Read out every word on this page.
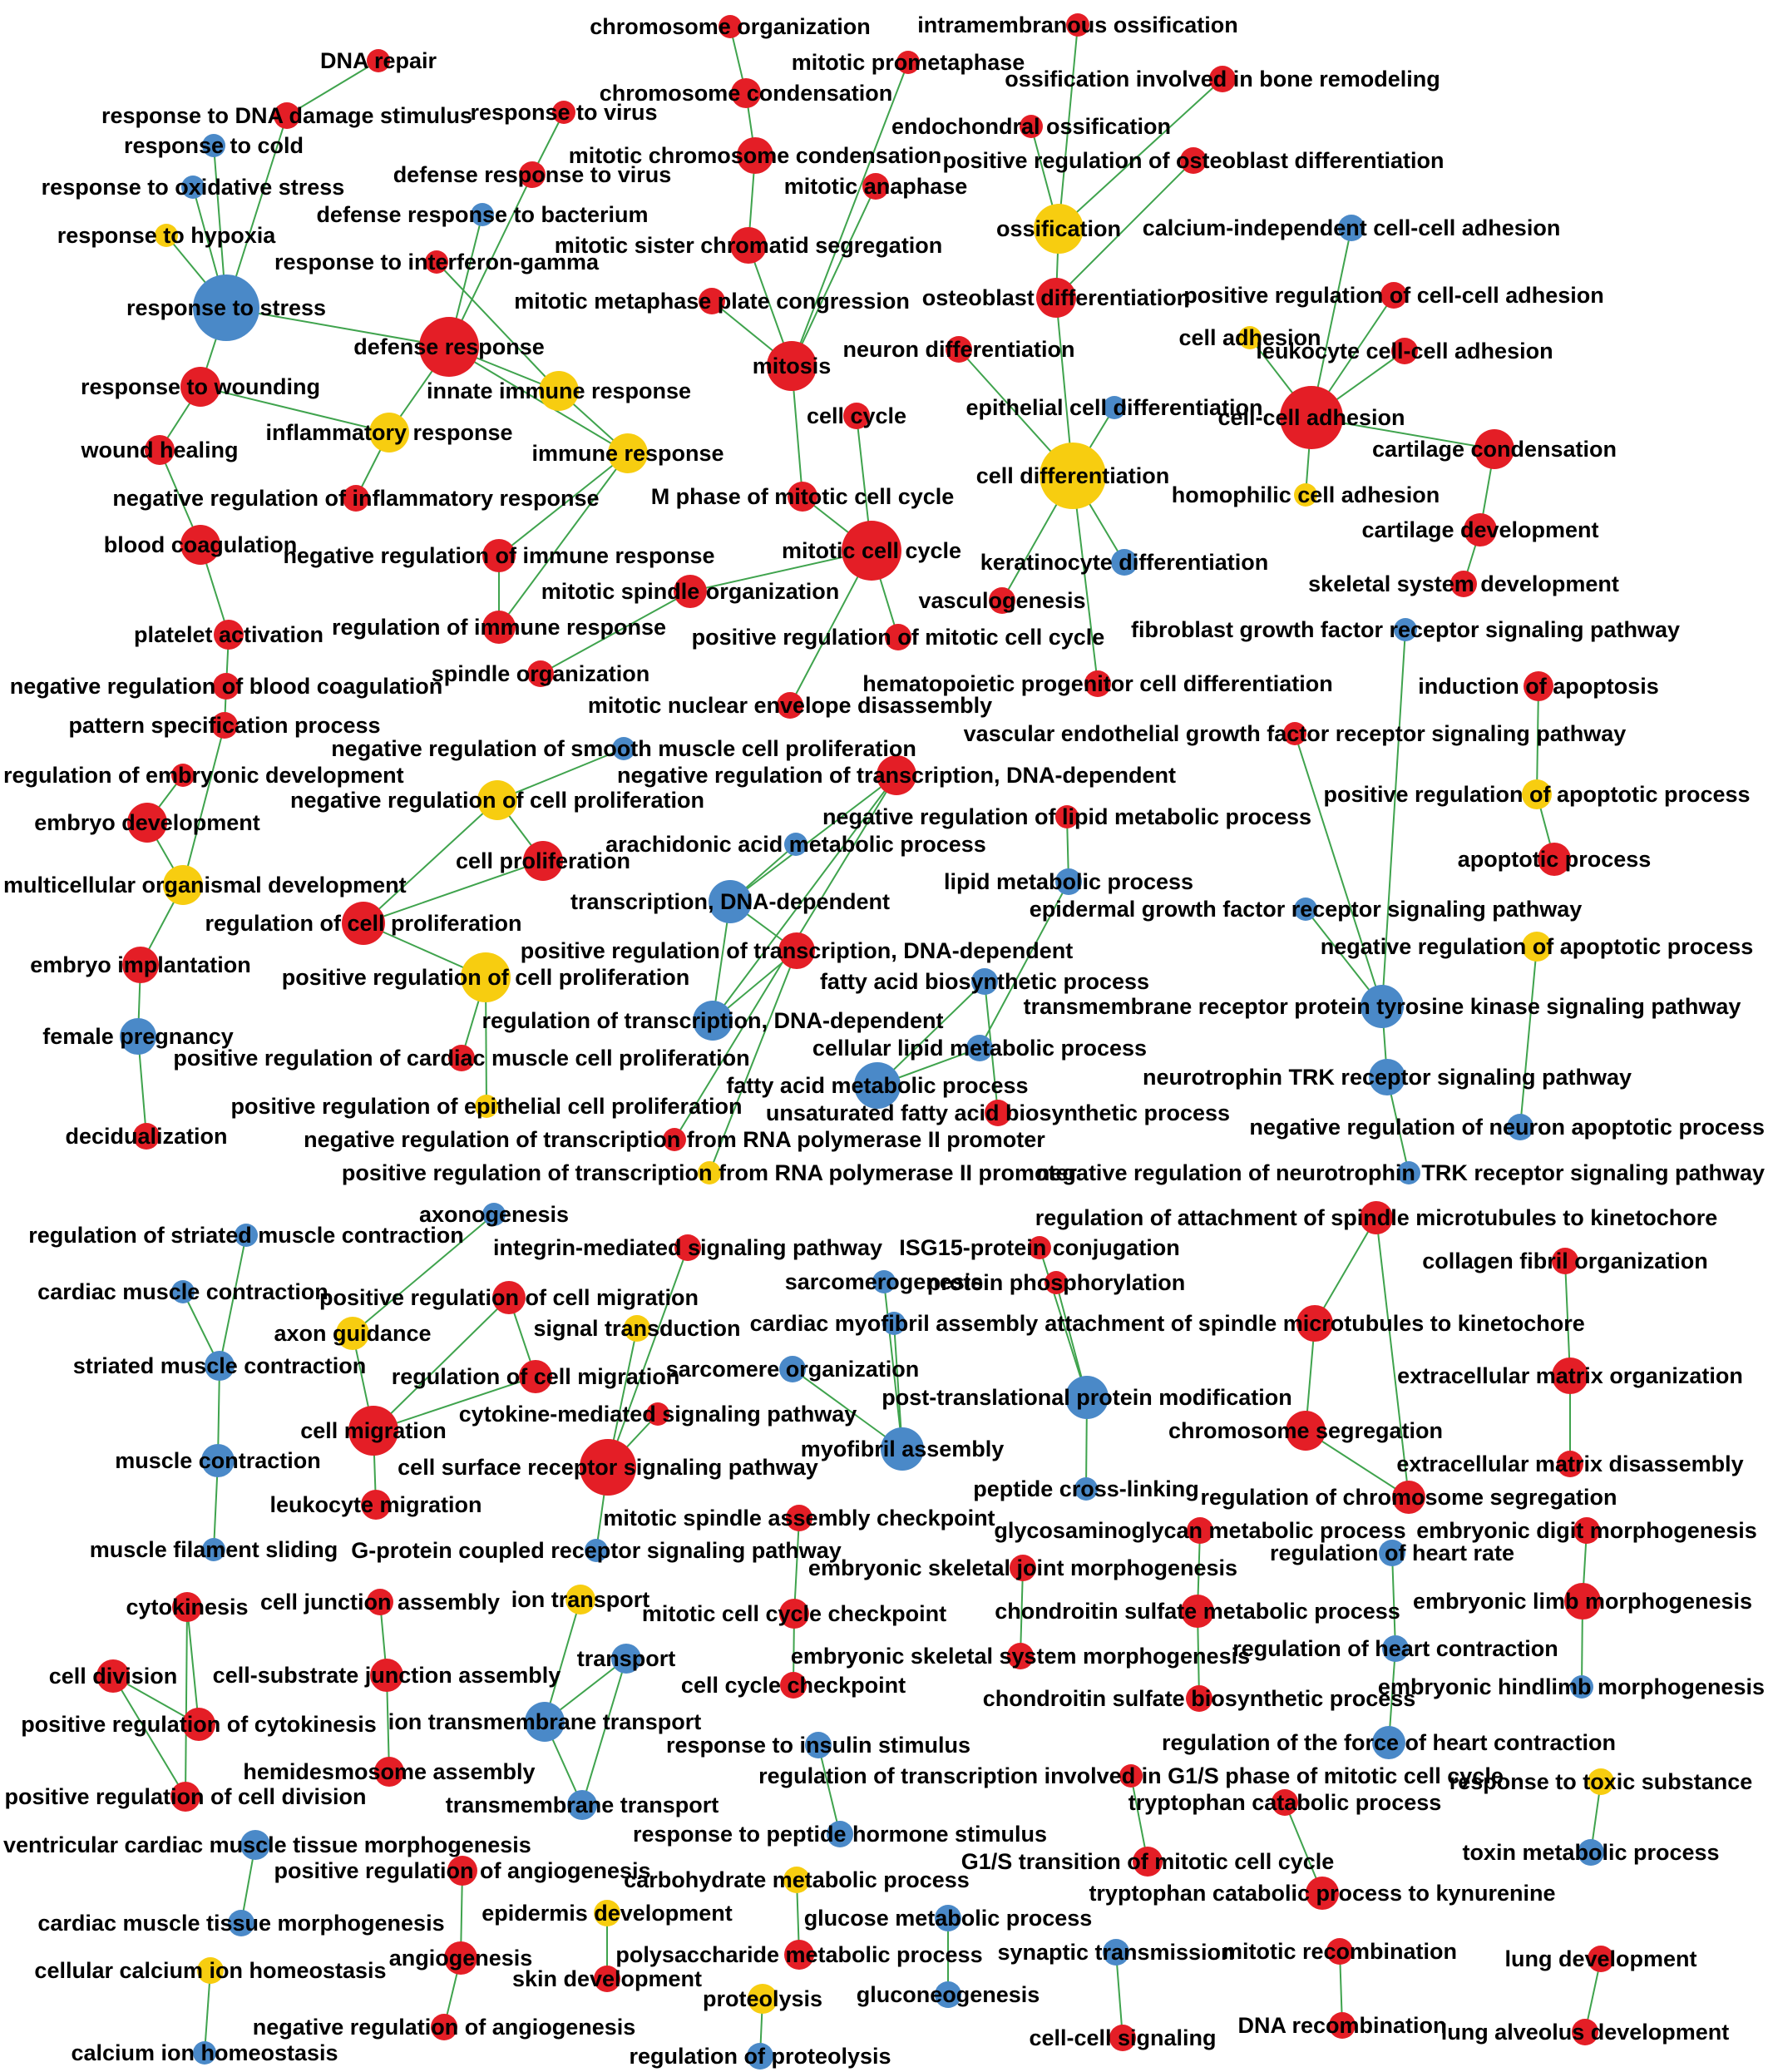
DNA repair
response to DNA damage stimulus
response to cold
response to oxidative stress
response to hypoxia
response to stress
response to virus
defense response to virus
defense response to bacterium
response to interferon-gamma
defense response
innate immune response
response to wounding
inflammatory response
immune response
wound healing
negative regulation of inflammatory response
blood coagulation
negative regulation of immune response
regulation of immune response
platelet activation
negative regulation of blood coagulation
chromosome organization
mitotic prometaphase
chromosome condensation
mitotic chromosome condensation
mitotic anaphase
mitotic sister chromatid segregation
mitotic metaphase plate congression
mitosis
cell cycle
M phase of mitotic cell cycle
mitotic cell cycle
mitotic spindle organization
positive regulation of mitotic cell cycle
spindle organization
mitotic nuclear envelope disassembly
intramembranous ossification
ossification involved in bone remodeling
endochondral ossification
positive regulation of osteoblast differentiation
ossification
osteoblast differentiation
neuron differentiation
epithelial cell differentiation
cell differentiation
keratinocyte differentiation
vasculogenesis
hematopoietic progenitor cell differentiation
calcium-independent cell-cell adhesion
positive regulation of cell-cell adhesion
cell adhesion
leukocyte cell-cell adhesion
cell-cell adhesion
cartilage condensation
homophilic cell adhesion
cartilage development
skeletal system development
fibroblast growth factor receptor signaling pathway
induction of apoptosis
vascular endothelial growth factor receptor signaling pathway
positive regulation of apoptotic process
apoptotic process
epidermal growth factor receptor signaling pathway
negative regulation of apoptotic process
transmembrane receptor protein tyrosine kinase signaling pathway
neurotrophin TRK receptor signaling pathway
negative regulation of neuron apoptotic process
negative regulation of neurotrophin TRK receptor signaling pathway
pattern specification process
regulation of embryonic development
embryo development
multicellular organismal development
embryo implantation
female pregnancy
decidualization
negative regulation of smooth muscle cell proliferation
negative regulation of transcription, DNA-dependent
negative regulation of cell proliferation
negative regulation of lipid metabolic process
arachidonic acid metabolic process
cell proliferation
lipid metabolic process
transcription, DNA-dependent
regulation of cell proliferation
positive regulation of transcription, DNA-dependent
positive regulation of cell proliferation	fatty acid biosynthetic process
regulation of transcription, DNA-dependent
positive regulation of cardiac muscle cell proliferation	cellular lipid metabolic process
fatty acid metabolic process
unsaturated fatty acid biosynthetic process
positive regulation of epithelial cell proliferation
negative regulation of transcription from RNA polymerase II promoter
positive regulation of transcription from RNA polymerase II promoter
axonogenesis
regulation of striated muscle contraction integrin-mediated signaling pathway
cardiac muscle contraction
positive regulation of cell migration
axon guidance	signal transduction
striated muscle contraction regulation of cell migration
cytokine-mediated signaling pathway
cell migration
muscle contraction	cell surface receptor signaling pathway
leukocyte migration
muscle filament sliding G-protein coupled receptor signaling pathway
sarcomerogenesis
cardiac myofibril assembly
sarcomere organization
myofibril assembly
ISG15-protein conjugation
protein phosphorylation
post-translational protein modification
peptide cross-linking
regulation of attachment of spindle microtubules to kinetochore
attachment of spindle microtubules to kinetochore
chromosome segregation
regulation of chromosome segregation
collagen fibril organization
extracellular matrix organization
extracellular matrix disassembly
mitotic spindle assembly checkpoint
glycosaminoglycan metabolic process embryonic digit morphogenesis
regulation of heart rate
embryonic skeletal joint morphogenesis
cytokinesis cell junction assembly ion transport
mitotic cell cycle checkpoint chondroitin sulfate metabolic process embryonic limb morphogenesis
transport	embryonic skeletal system morphogenesis
regulation of heart contraction
cell division cell-substrate junction assembly	cell cycle checkpoint	embryonic hindlimb morphogenesis
chondroitin sulfate biosynthetic process
positive regulation of cytokinesis ion transmembrane transport
regulation of the force of heart contraction
response to insulin stimulus
hemidesmosome assembly	regulation of transcription involved in G1/S phase of mitotic cell cycle
response to toxic substance
positive regulation of cell division	transmembrane transport	tryptophan catabolic process
response to peptide hormone stimulus
ventricular cardiac muscle tissue morphogenesis	toxin metabolic process
G1/S transition of mitotic cell cycle
positive regulation of angiogenesis
carbohydrate metabolic process
tryptophan catabolic process to kynurenine
cardiac muscle tissue morphogenesis epidermis development	glucose metabolic process
synaptic transmission
mitotic recombination
cellular calcium ion homeostasis angiogenesis	polysaccharide metabolic process	lung development
skin development
proteolysis gluconeogenesis
negative regulation of angiogenesis	DNA recombination
lung alveolus development
cell-cell signaling
calcium ion homeostasis	regulation of proteolysis
